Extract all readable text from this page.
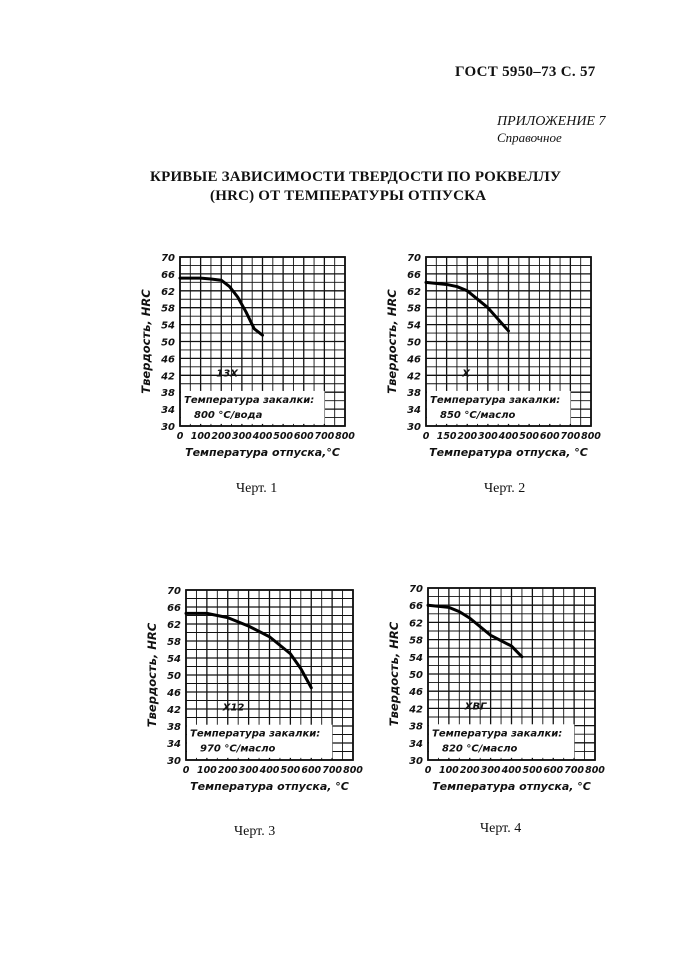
ГОСТ 5950–73 С. 57
ПРИЛОЖЕНИЕ 7
Справочное
КРИВЫЕ ЗАВИСИМОСТИ ТВЕРДОСТИ ПО РОКВЕЛЛУ
(HRC) ОТ ТЕМПЕРАТУРЫ ОТПУСКА
Черт. 1	Черт. 2
Черт. 3	Черт. 4
13X
Температура закалки:
800 °С/вода
30
34
38
42
46
50
54
58
62
66
70
0 100 200 300 400 500 600 700 800
Температура отпуска,°С
Твердость, HRC	X
Температура закалки:
850 °С/масло
30
34
38
42
46
50
54
58
62
66
70
0 150 200 300 400 500 600 700 800
Температура отпуска, °С
Твердость, HRC
X12
Температура закалки:
970 °С/масло
30
34
38
42
46
50
54
58
62
66
70
0 100 200 300 400 500 600 700 800
Температура отпуска, °С
Твердость, HRC	ХВГ
Температура закалки:
820 °С/масло
30
34
38
42
46
50
54
58
62
66
70
0 100 200 300 400 500 600 700 800
Температура отпуска, °С
Твердость, HRC
